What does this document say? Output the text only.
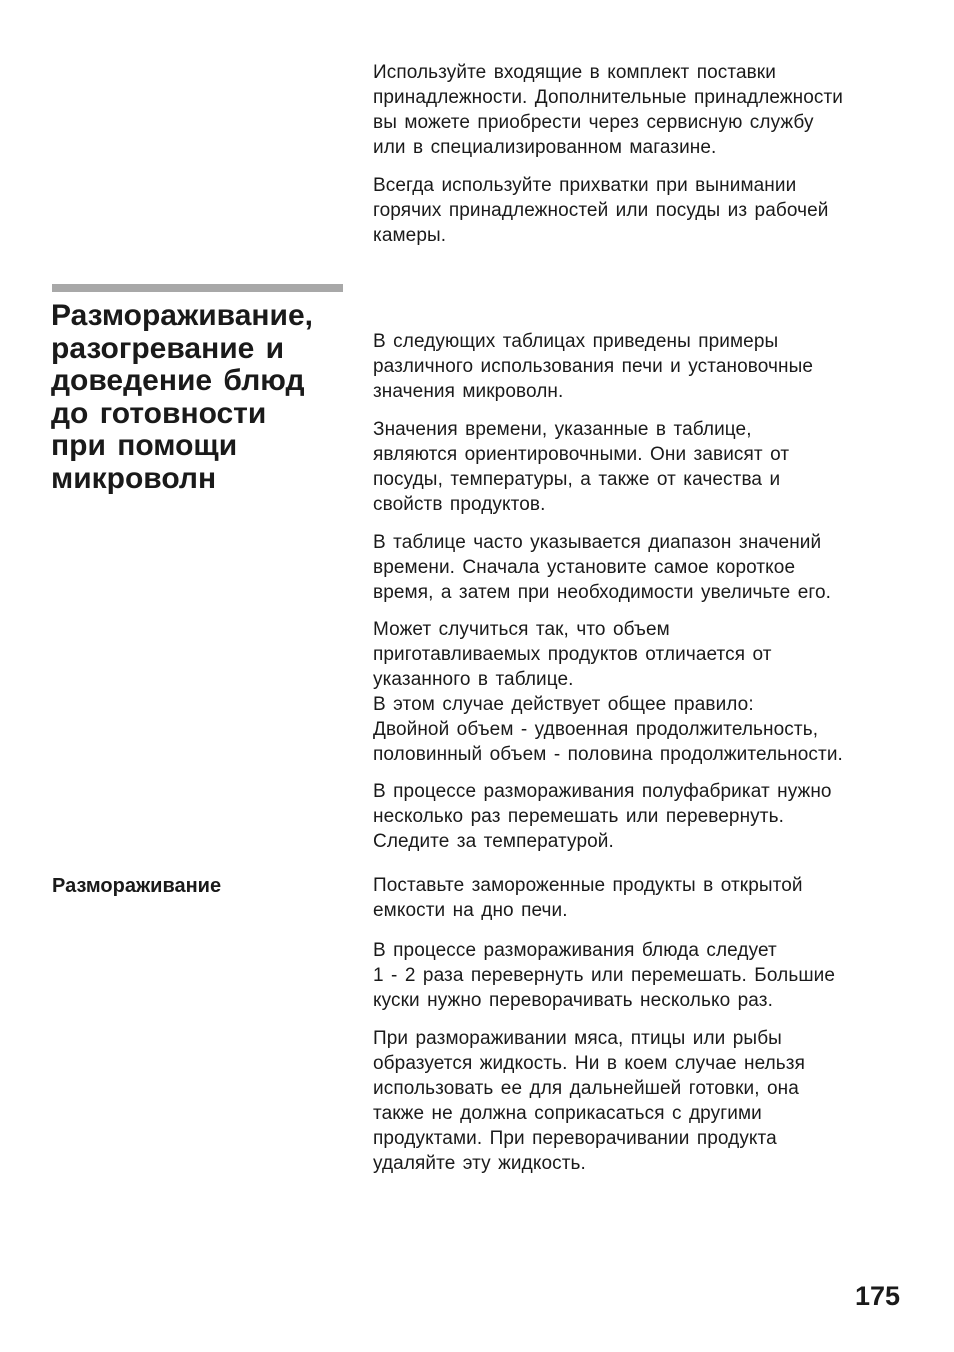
Используйте входящие в комплект поставки
принадлежности. Дополнительные принадлежности
вы можете приобрести через сервисную службу
или в специализированном магазине.

Всегда используйте прихватки при вынимании
горячих принадлежностей или посуды из рабочей
камеры.

Размораживание,
разогревание и
доведение блюд
до готовности
при помощи
микроволн

В следующих таблицах приведены примеры
различного использования печи и установочные
значения микроволн.

Значения времени, указанные в таблице,
являются ориентировочными. Они зависят от
посуды, температуры, а также от качества и
свойств продуктов.

В таблице часто указывается диапазон значений
времени. Сначала установите самое короткое
время, а затем при необходимости увеличьте его.

Может случиться так, что объем
приготавливаемых продуктов отличается от
указанного в таблице.
В этом случае действует общее правило:
Двойной объем - удвоенная продолжительность,
половинный объем - половина продолжительности.

В процессе размораживания полуфабрикат нужно
несколько раз перемешать или перевернуть.
Следите за температурой.

Размораживание	Поставьте замороженные продукты в открытой
емкости на дно печи.

В процессе размораживания блюда следует
1 - 2 раза перевернуть или перемешать. Большие
куски нужно переворачивать несколько раз.

При размораживании мяса, птицы или рыбы
образуется жидкость. Ни в коем случае нельзя
использовать ее для дальнейшей готовки, она
также не должна соприкасаться с другими
продуктами. При переворачивании продукта
удаляйте эту жидкость.

175
